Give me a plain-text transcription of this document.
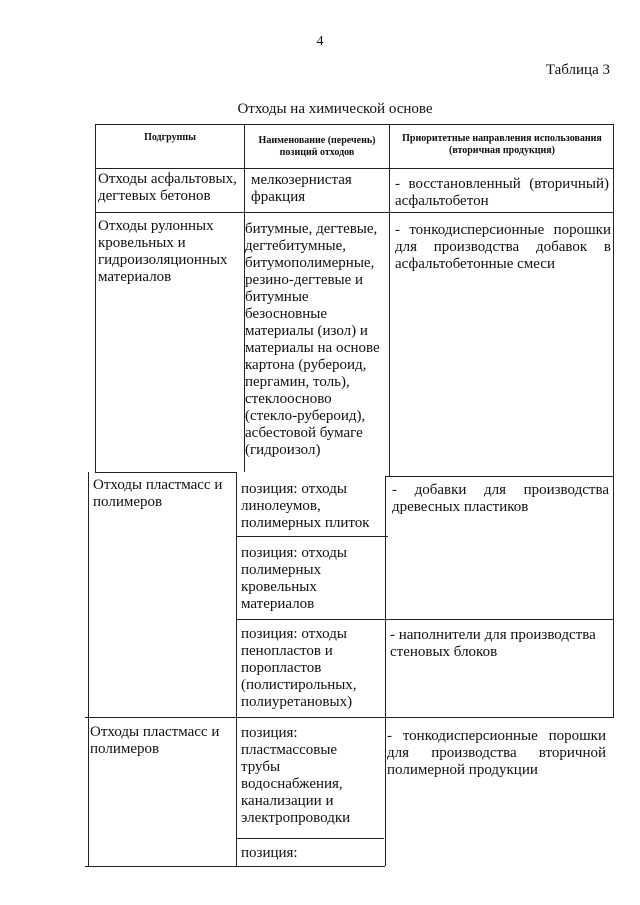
4
Таблица 3
Отходы на химической основе
Подгруппы	Наименование (перечень) позиций отходов
Приоритетные направления использования (вторичная продукция)
Отходы асфальтовых, дегтевых бетонов
мелкозернистая фракция
- восстановленный (вторичный) асфальтобетон
Отходы рулонных кровельных и гидроизоляционных материалов
битумные, дегтевые, дегтебитумные, битумополимерные, резино-дегтевые и битумные безосновные материалы (изол) и материалы на основе картона (рубероид, пергамин, толь), стеклоосново (стекло-рубероид), асбестовой бумаге (гидроизол)
- тонкодисперсионные порошки для производства добавок в асфальтобетонные смеси
Отходы пластмасс и полимеров
позиция: отходы линолеумов, полимерных плиток
позиция: отходы полимерных кровельных материалов
позиция: отходы пенопластов и поропластов (полистирольных, полиуретановых)
- добавки для производства древесных пластиков
- наполнители для производства стеновых блоков
Отходы пластмасс и полимеров
позиция: пластмассовые трубы водоснабжения, канализации и электропроводки
позиция:
- тонкодисперсионные порошки для производства вторичной полимерной продукции
